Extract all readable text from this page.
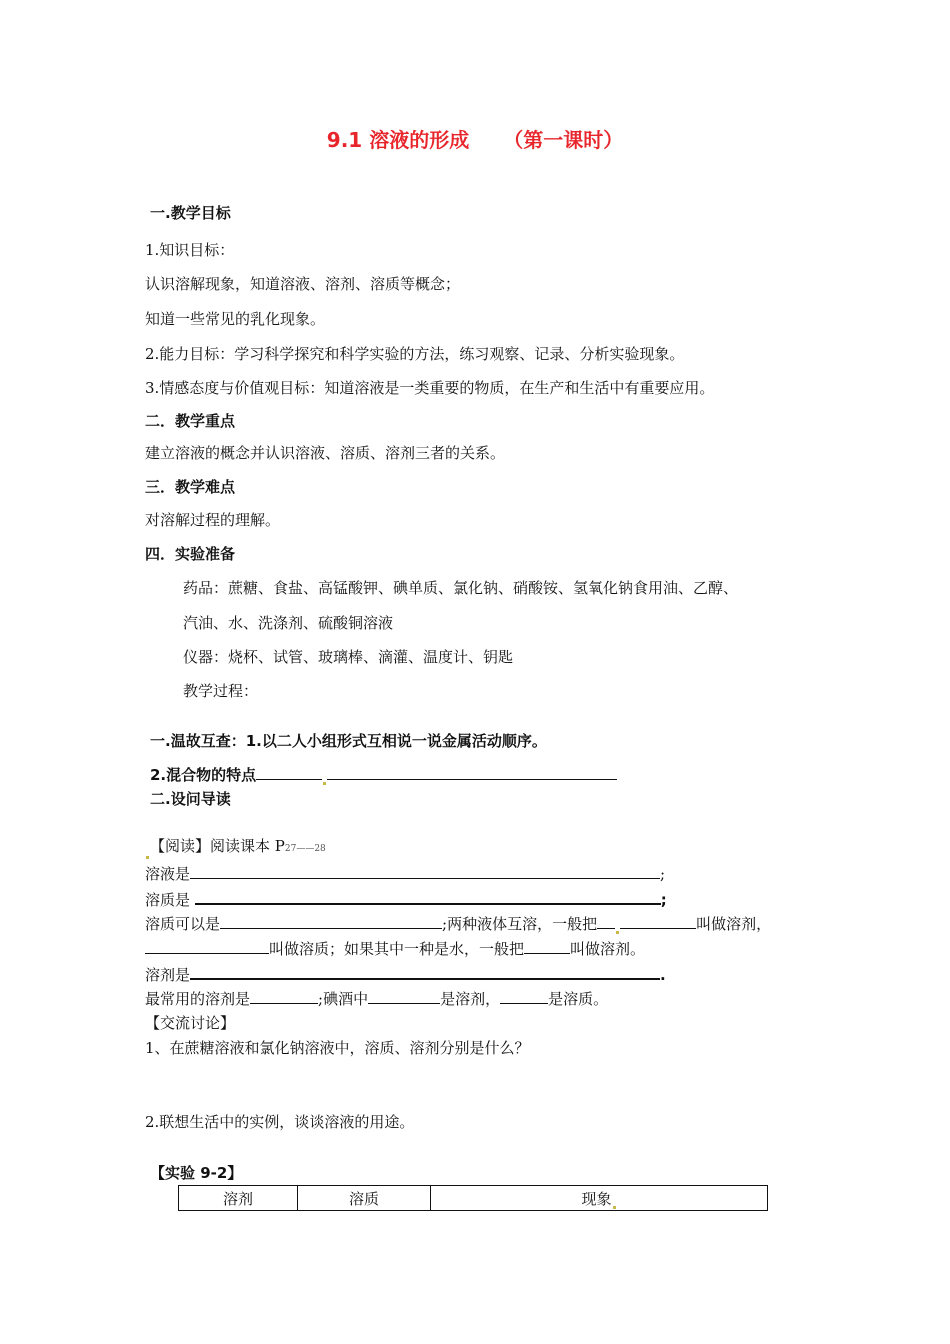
9.1 溶液的形成 （第一课时）
一.教学目标
1.知识目标：
认识溶解现象，知道溶液、溶剂、溶质等概念；
知道一些常见的乳化现象。
2.能力目标：学习科学探究和科学实验的方法，练习观察、记录、分析实验现象。
3.情感态度与价值观目标：知道溶液是一类重要的物质，在生产和生活中有重要应用。
二．教学重点
建立溶液的概念并认识溶液、溶质、溶剂三者的关系。
三．教学难点
对溶解过程的理解。
四．实验准备
药品：蔗糖、食盐、高锰酸钾、碘单质、氯化钠、硝酸铵、氢氧化钠食用油、乙醇、
汽油、水、洗涤剂、硫酸铜溶液
仪器：烧杯、试管、玻璃棒、滴灌、温度计、钥匙
教学过程：
一.温故互查：1.以二人小组形式互相说一说金属活动顺序。
2.混合物的特点
二.设问导读
【阅读】阅读课本 P27——28
溶液是	;
溶质是	;
溶质可以是	;两种液体互溶，一般把	叫做溶剂，
叫做溶质；如果其中一种是水，一般把	叫做溶剂。
溶剂是	.
最常用的溶剂是	;碘酒中	是溶剂，	是溶质。
【交流讨论】
1、在蔗糖溶液和氯化钠溶液中，溶质、溶剂分别是什么？
2.联想生活中的实例，谈谈溶液的用途。
【实验 9-2】
溶剂	溶质	现象
